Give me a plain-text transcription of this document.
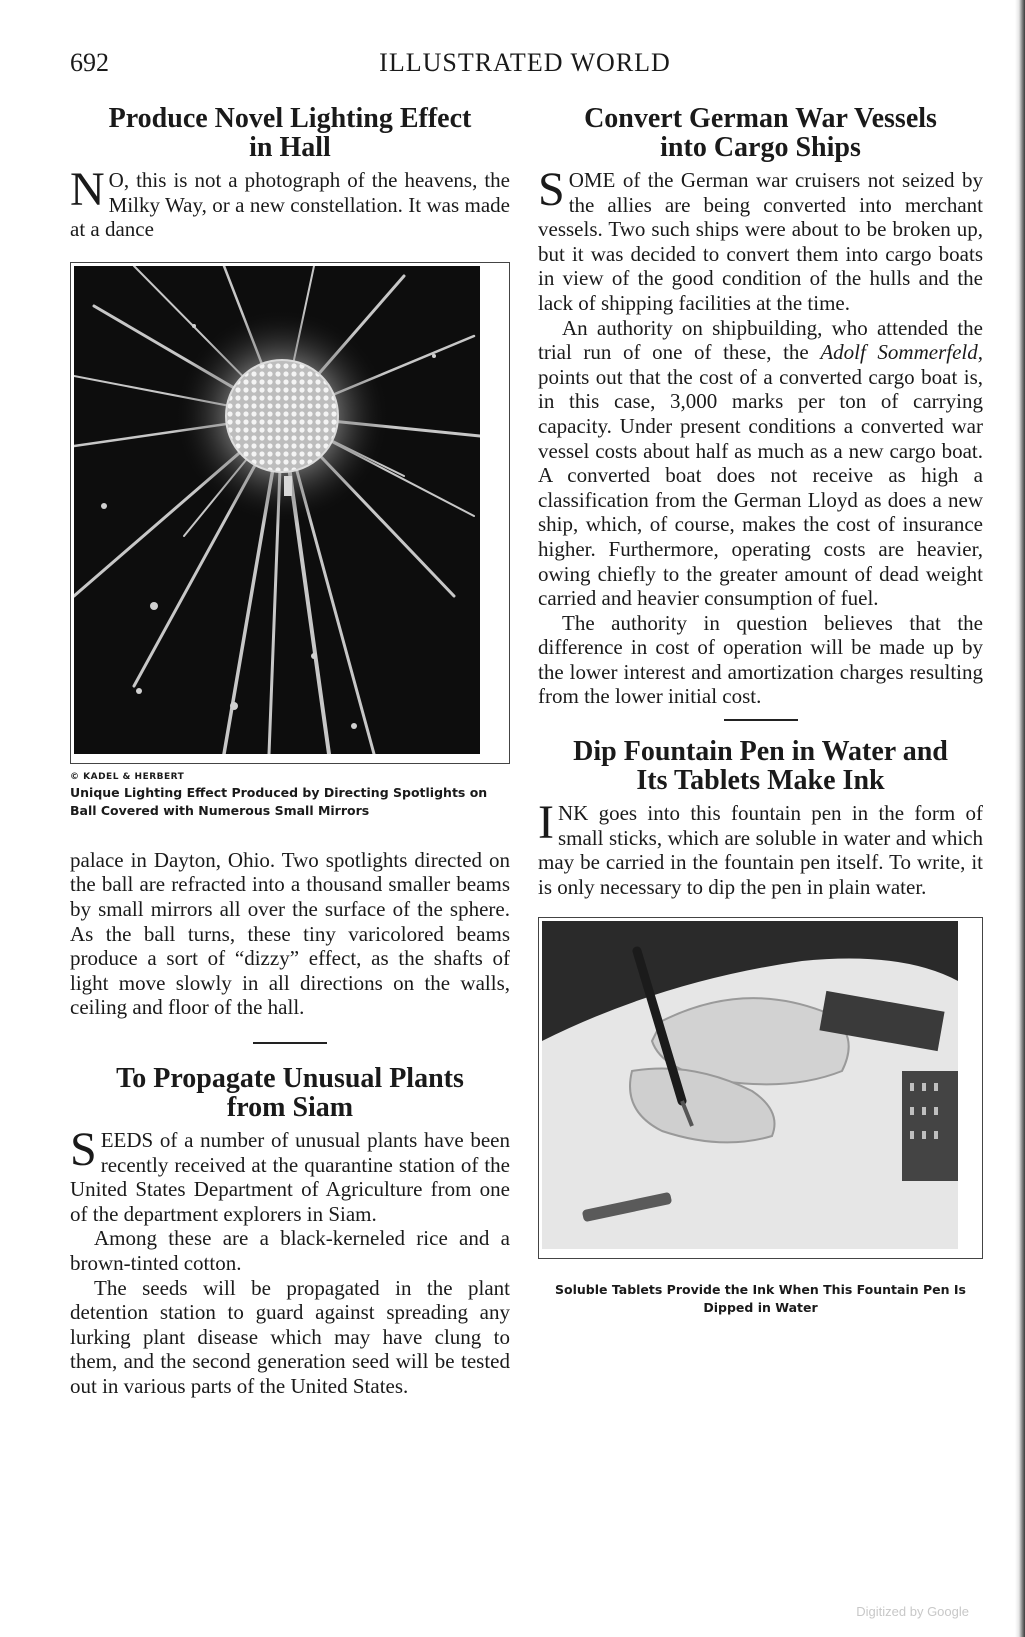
692	ILLUSTRATED WORLD
Produce Novel Lighting Effect
in Hall

N O, this is not a photograph of the heavens, the Milky Way, or a new constellation. It was made at a dance

© KADEL & HERBERT
Unique Lighting Effect Produced by Directing Spotlights on Ball Covered with Numerous Small Mirrors

palace in Dayton, Ohio. Two spotlights directed on the ball are refracted into a thousand smaller beams by small mirrors all over the surface of the sphere. As the ball turns, these tiny varicolored beams produce a sort of “dizzy” effect, as the shafts of light move slowly in all directions on the walls, ceiling and floor of the hall.

To Propagate Unusual Plants
from Siam

SEEDS of a number of unusual plants have been recently received at the quarantine station of the United States Department of Agriculture from one of the department explorers in Siam.

Among these are a black-kerneled rice and a brown-tinted cotton.

The seeds will be propagated in the plant detention station to guard against spreading any lurking plant disease which may have clung to them, and the second generation seed will be tested out in various parts of the United States.

Convert German War Vessels
into Cargo Ships

SOME of the German war cruisers not seized by the allies are being converted into merchant vessels. Two such ships were about to be broken up, but it was decided to convert them into cargo boats in view of the good condition of the hulls and the lack of shipping facilities at the time.

An authority on shipbuilding, who attended the trial run of one of these, the Adolf Sommerfeld, points out that the cost of a converted cargo boat is, in this case, 3,000 marks per ton of carrying capacity. Under present conditions a converted war vessel costs about half as much as a new cargo boat. A converted boat does not receive as high a classification from the German Lloyd as does a new ship, which, of course, makes the cost of insurance higher. Furthermore, operating costs are heavier, owing chiefly to the greater amount of dead weight carried and heavier consumption of fuel.

The authority in question believes that the difference in cost of operation will be made up by the lower interest and amortization charges resulting from the lower initial cost.

Dip Fountain Pen in Water and
Its Tablets Make Ink

INK goes into this fountain pen in the form of small sticks, which are soluble in water and which may be carried in the fountain pen itself. To write, it is only necessary to dip the pen in plain water.

Soluble Tablets Provide the Ink When This Fountain Pen Is Dipped in Water
Digitized by Google
